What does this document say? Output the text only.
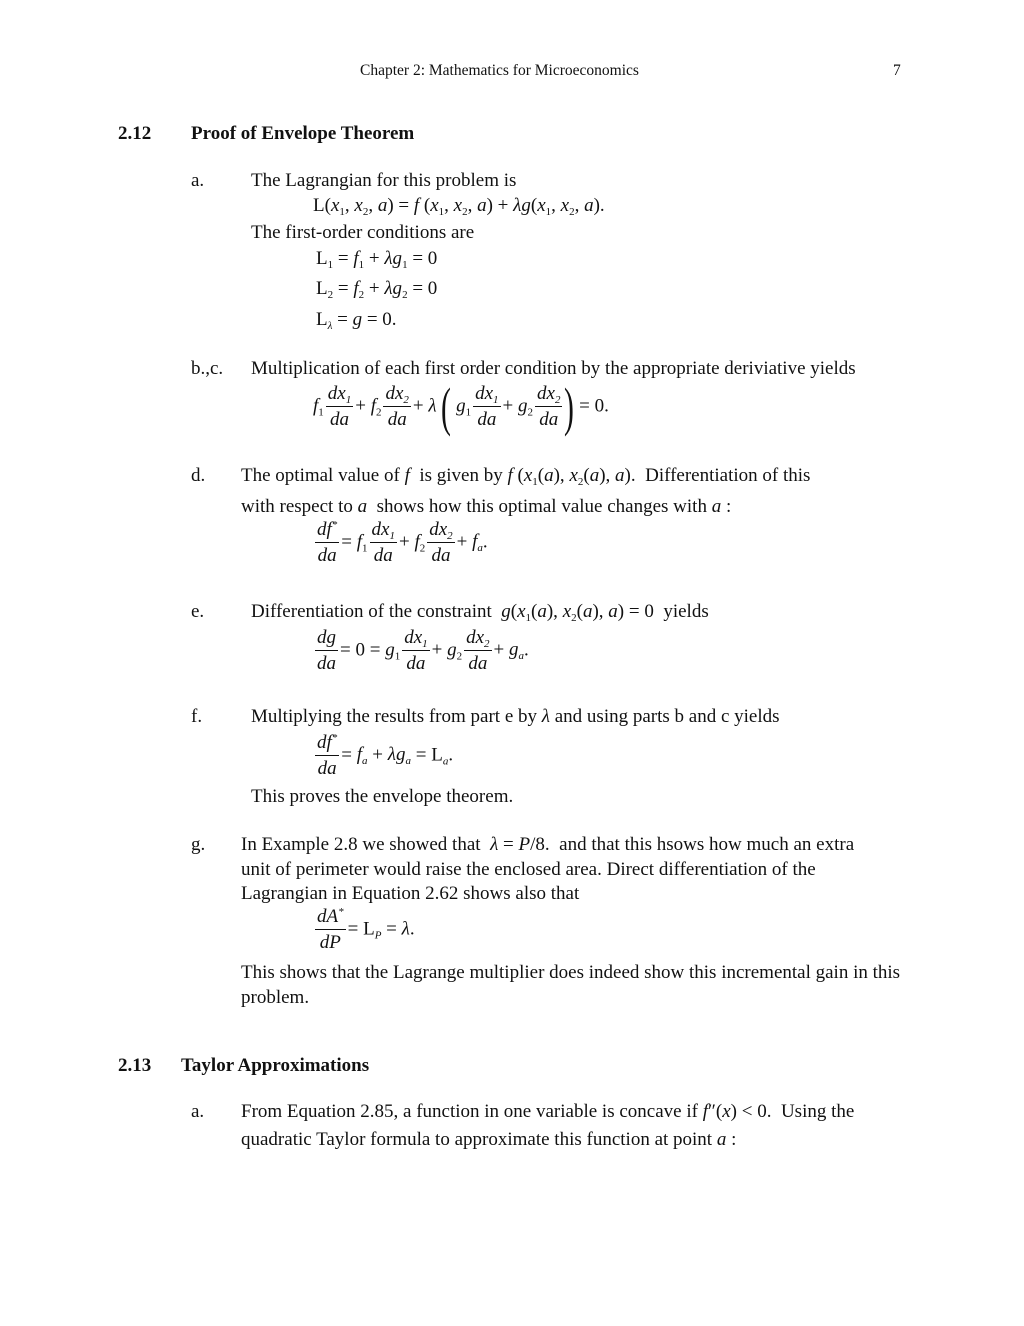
Chapter 2: Mathematics for Microeconomics	7
2.12 Proof of Envelope Theorem
a. The Lagrangian for this problem is
$L(x_1$, $x_2$, a) = f ($x_1$, $x_2$, $a) + \lambda g(x_1$, $x_2$, a).
The first-order conditions are
$L_1 = f_1 + \lambda g_1 = 0$
$L_2 = f_2 + \lambda g_2 = 0$
$L_\lambda = g = 0$.
b.,c. Multiplication of each first order condition by the appropriate deriviative yields
$f_1 \frac{dx_1}{da} + f_2 \frac{dx_2}{da} + \lambda$ ( $g_1 \frac{dx_1}{da} + g_2 \frac{dx_2}{da}$ ) = 0.
d. The optimal value of f is given by f ($x_1(a)$, $x_2(a)$, a).  Differentiation of this
with respect to a shows how this optimal value changes with a :
$\frac{df^*}{da} = f_1 \frac{dx_1}{da} + f_2 \frac{dx_2}{da} + f_a$.
e. Differentiation of the constraint $g(x_1(a)$, $x_2(a)$, a) = 0  yields
$\frac{dg}{da} = 0 = g_1 \frac{dx_1}{da} + g_2 \frac{dx_2}{da} + g_a$.
f.	Multiplying the results from part e by λ and using parts b and c yields
$\frac{df^*}{da} = f_a + \lambda g_a = L_a$.
This proves the envelope theorem.
g. In Example 2.8 we showed that λ = P/8.  and that this hsows how much an extra
unit of perimeter would raise the enclosed area. Direct differentiation of the
Lagrangian in Equation 2.62 shows also that
$\frac{dA^*}{dP} = L_P = \lambda$.
This shows that the Lagrange multiplier does indeed show this incremental gain in this problem.
2.13 Taylor Approximations
a. From Equation 2.85, a function in one variable is concave if f″(x) < 0.  Using the
quadratic Taylor formula to approximate this function at point a :
